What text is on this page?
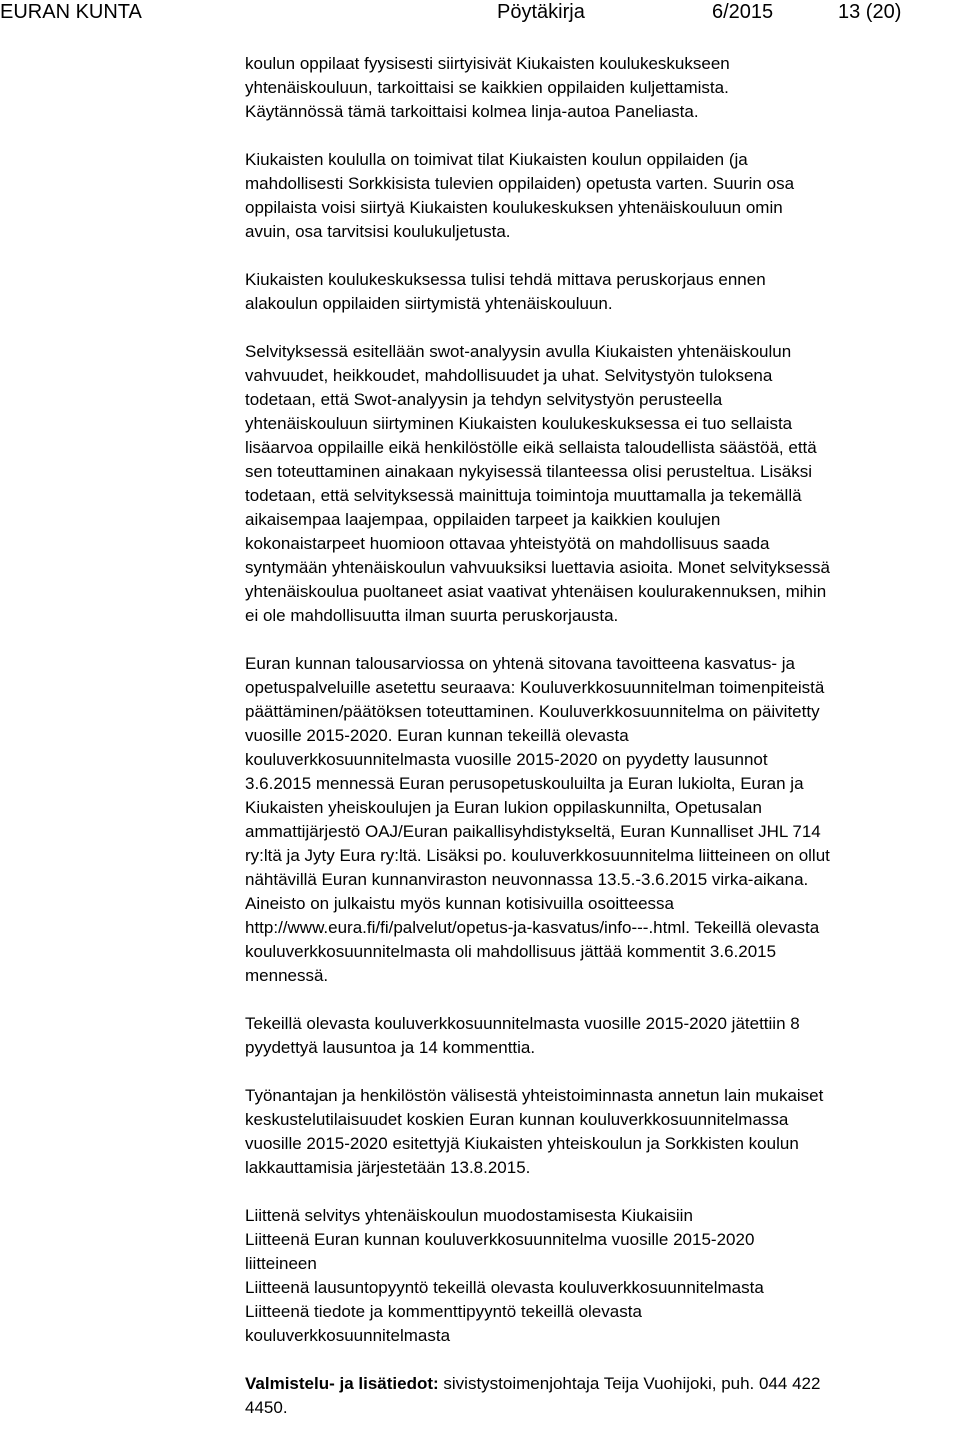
EURAN KUNTA	Pöytäkirja	6/2015	13 (20)

koulun oppilaat fyysisesti siirtyisivät Kiukaisten koulukeskukseen
yhtenäiskouluun, tarkoittaisi se kaikkien oppilaiden kuljettamista.
Käytännössä tämä tarkoittaisi kolmea linja-autoa Paneliasta.

Kiukaisten koululla on toimivat tilat Kiukaisten koulun oppilaiden (ja
mahdollisesti Sorkkisista tulevien oppilaiden) opetusta varten. Suurin osa
oppilaista voisi siirtyä Kiukaisten koulukeskuksen yhtenäiskouluun omin
avuin, osa tarvitsisi koulukuljetusta.

Kiukaisten koulukeskuksessa tulisi tehdä mittava peruskorjaus ennen
alakoulun oppilaiden siirtymistä yhtenäiskouluun.

Selvityksessä esitellään swot-analyysin avulla Kiukaisten yhtenäiskoulun
vahvuudet, heikkoudet, mahdollisuudet ja uhat. Selvitystyön tuloksena
todetaan, että Swot-analyysin ja tehdyn selvitystyön perusteella
yhtenäiskouluun siirtyminen Kiukaisten koulukeskuksessa ei tuo sellaista
lisäarvoa oppilaille eikä henkilöstölle eikä sellaista taloudellista säästöä, että
sen toteuttaminen ainakaan nykyisessä tilanteessa olisi perusteltua. Lisäksi
todetaan, että selvityksessä mainittuja toimintoja muuttamalla ja tekemällä
aikaisempaa laajempaa, oppilaiden tarpeet ja kaikkien koulujen
kokonaistarpeet huomioon ottavaa yhteistyötä on mahdollisuus saada
syntymään yhtenäiskoulun vahvuuksiksi luettavia asioita. Monet selvityksessä
yhtenäiskoulua puoltaneet asiat vaativat yhtenäisen koulurakennuksen, mihin
ei ole mahdollisuutta ilman suurta peruskorjausta.

Euran kunnan talousarviossa on yhtenä sitovana tavoitteena kasvatus- ja
opetuspalveluille asetettu seuraava: Kouluverkkosuunnitelman toimenpiteistä
päättäminen/päätöksen toteuttaminen. Kouluverkkosuunnitelma on päivitetty
vuosille 2015-2020. Euran kunnan tekeillä olevasta
kouluverkkosuunnitelmasta vuosille 2015-2020 on pyydetty lausunnot
3.6.2015 mennessä Euran perusopetuskouluilta ja Euran lukiolta, Euran ja
Kiukaisten yheiskoulujen ja Euran lukion oppilaskunnilta, Opetusalan
ammattijärjestö OAJ/Euran paikallisyhdistykseltä, Euran Kunnalliset JHL 714
ry:ltä ja Jyty Eura ry:ltä. Lisäksi po. kouluverkkosuunnitelma liitteineen on ollut
nähtävillä Euran kunnanviraston neuvonnassa 13.5.-3.6.2015 virka-aikana.
Aineisto on julkaistu myös kunnan kotisivuilla osoitteessa
http://www.eura.fi/fi/palvelut/opetus-ja-kasvatus/info---.html. Tekeillä olevasta
kouluverkkosuunnitelmasta oli mahdollisuus jättää kommentit 3.6.2015
mennessä.

Tekeillä olevasta kouluverkkosuunnitelmasta vuosille 2015-2020 jätettiin 8
pyydettyä lausuntoa ja 14 kommenttia.

Työnantajan ja henkilöstön välisestä yhteistoiminnasta annetun lain mukaiset
keskustelutilaisuudet koskien Euran kunnan kouluverkkosuunnitelmassa
vuosille 2015-2020 esitettyjä Kiukaisten yhteiskoulun ja Sorkkisten koulun
lakkauttamisia järjestetään 13.8.2015.

Liittenä selvitys yhtenäiskoulun muodostamisesta Kiukaisiin
Liitteenä Euran kunnan kouluverkkosuunnitelma vuosille 2015-2020
liitteineen
Liitteenä lausuntopyyntö tekeillä olevasta kouluverkkosuunnitelmasta
Liitteenä tiedote ja kommenttipyyntö tekeillä olevasta
kouluverkkosuunnitelmasta

Valmistelu- ja lisätiedot: sivistystoimenjohtaja Teija Vuohijoki, puh. 044 422
4450.
